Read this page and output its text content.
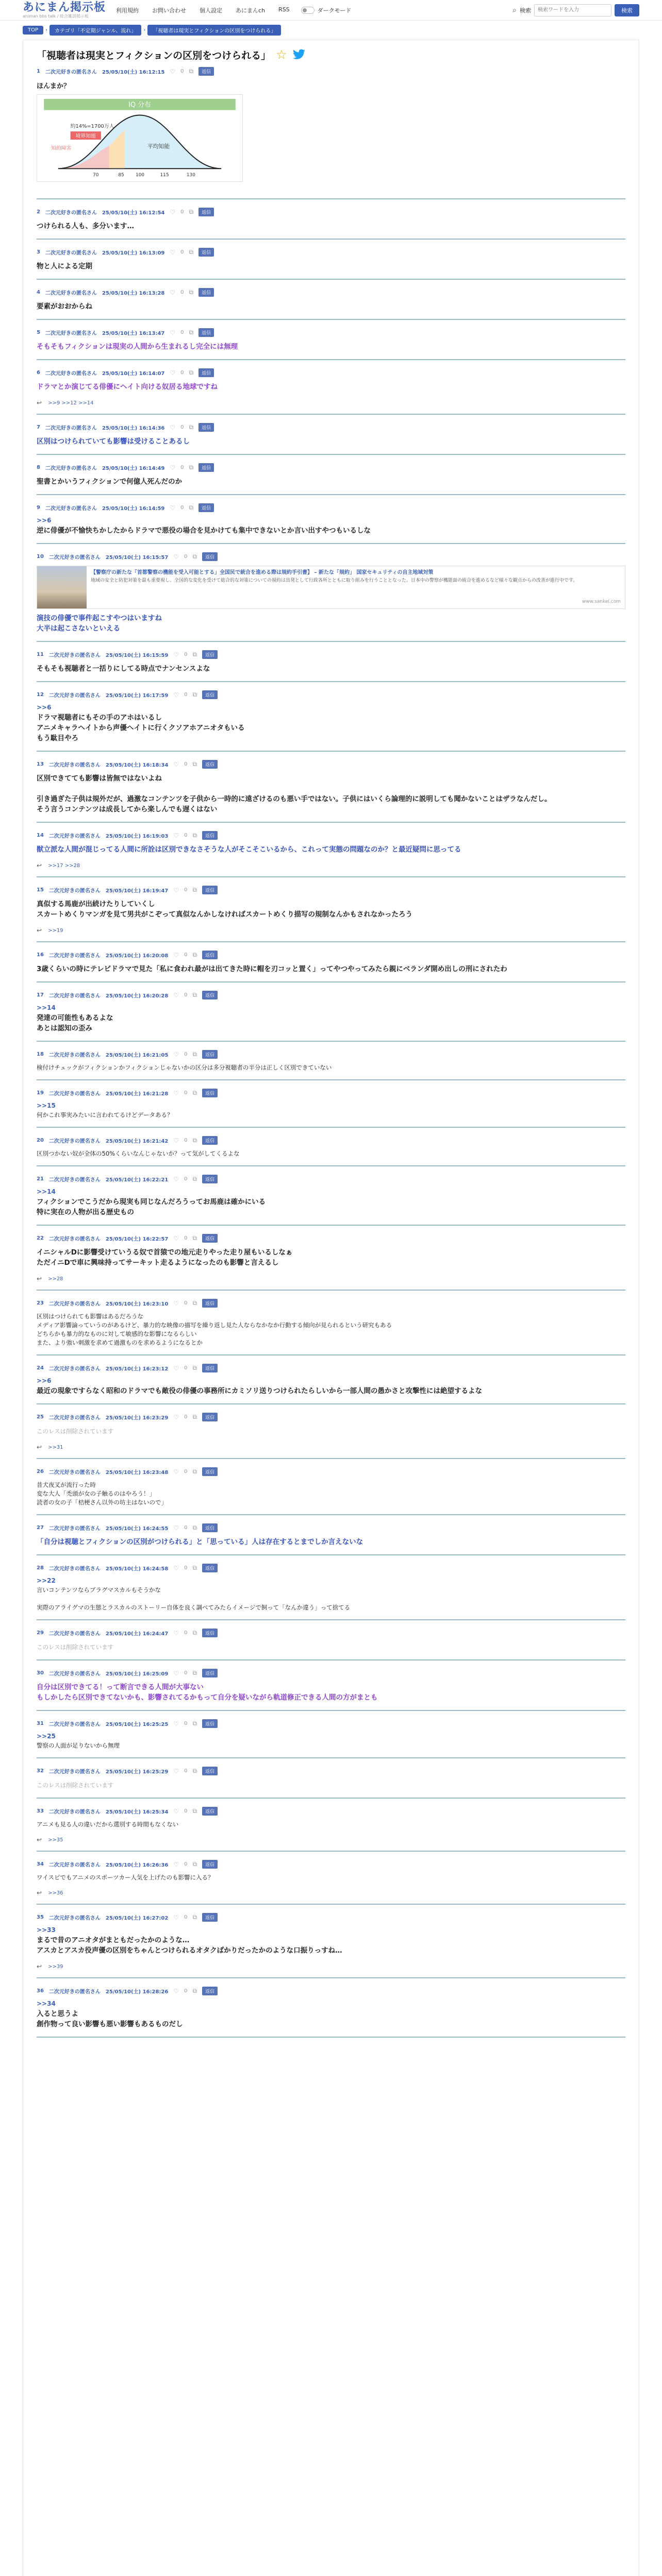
あにまん掲示板
animan bbs talk / 総合雑談掲示板
利用規約 お問い合わせ 個人設定 あにまんch RSS	ダークモード	⌕ 検索
検索ワードを入力	検索
TOP	›	カテゴリ「不定期ジャンル、流れ」	›	「視聴者は現実とフィクションの区別をつけられる」
「視聴者は現実とフィクションの区別をつけられる」 ☆
1 二次元好きの匿名さん 25/05/10(土) 16:12:15 ♡ 0 ⧉	返信
ほんまか？
IQ 分布
約14%=1700万人
境界知能
知的障害	平均知能
70	85 100	115	130
2 二次元好きの匿名さん 25/05/10(土) 16:12:54 ♡ 0 ⧉	返信
つけられる人も、多分います…
3 二次元好きの匿名さん 25/05/10(土) 16:13:09 ♡ 0 ⧉	返信
物と人による定期
4 二次元好きの匿名さん 25/05/10(土) 16:13:28 ♡ 0 ⧉	返信
要素がおおからね
5 二次元好きの匿名さん 25/05/10(土) 16:13:47 ♡ 0 ⧉	返信
そもそもフィクションは現実の人間から生まれるし完全には無理
6 二次元好きの匿名さん 25/05/10(土) 16:14:07 ♡ 0 ⧉	返信
ドラマとか演じてる俳優にヘイト向ける奴居る地球ですね
↩ >>9 >>12 >>14
7 二次元好きの匿名さん 25/05/10(土) 16:14:36 ♡ 0 ⧉	返信
区別はつけられていても影響は受けることあるし
8 二次元好きの匿名さん 25/05/10(土) 16:14:49 ♡ 0 ⧉	返信
聖書とかいうフィクションで何億人死んだのか
9 二次元好きの匿名さん 25/05/10(土) 16:14:59 ♡ 0 ⧉	返信
>>6
逆に俳優が不愉快ちかしたからドラマで悪役の場合を見かけても集中できないとか言い出すやつもいるしな
10 二次元好きの匿名さん 25/05/10(土) 16:15:57 ♡ 0 ⧉	返信
【警察庁の新たな「首都警察の機能を受入可能とする」全国民で統合を進める際は規約手引書】 – 新たな「規約」 国家セキュリティの自主地域対策
地域の安全と防犯対策を最も重要視し、全国的な変化を受けて総合的な対策についての規約は出発として行政各所とともに取り組みを行うこととなった。日本中の警察が機能面の統合を進めるなど様々な観点からの改善が進行中です。
www.sankei.com
演技の俳優で事件起こすやつはいますね
大半は起こさないといえる
11 二次元好きの匿名さん 25/05/10(土) 16:15:59 ♡ 0 ⧉	返信
そもそも視聴者と一括りにしてる時点でナンセンスよな
12 二次元好きの匿名さん 25/05/10(土) 16:17:59 ♡ 0 ⧉	返信
>>6
ドラマ視聴者にもその手のアホはいるし
アニメキャラヘイトから声優ヘイトに行くクソアホアニオタもいる
もう駄目やろ
13 二次元好きの匿名さん 25/05/10(土) 16:18:34 ♡ 0 ⧉	返信
区別できてても影響は皆無ではないよね

引き過ぎた子供は規外だが、過激なコンテンツを子供から一時的に遠ざけるのも悪い手ではない。子供にはいくら論理的に説明しても聞かないことはザラなんだし。
そう言うコンテンツは成長してから楽しんでも遅くはない
14 二次元好きの匿名さん 25/05/10(土) 16:19:03 ♡ 0 ⧉	返信
獣立派な人間が混じってる人間に所詮は区別できなさそうな人がそこそこいるから、これって実態の問題なのか？と最近疑問に思ってる
↩ >>17 >>28
15 二次元好きの匿名さん 25/05/10(土) 16:19:47 ♡ 0 ⧉	返信
真似する馬鹿が出続けたりしていくし
スカートめくりマンガを見て男共がこぞって真似なんかしなければスカートめくり描写の規制なんかもされなかったろう
↩ >>19
16 二次元好きの匿名さん 25/05/10(土) 16:20:08 ♡ 0 ⧉	返信
3歳くらいの時にテレビドラマで見た「私に食われ最がは出てきた時に帽を刃コッと置く」ってやつやってみたら親にベランダ開め出しの刑にされたわ
17 二次元好きの匿名さん 25/05/10(土) 16:20:28 ♡ 0 ⧉	返信
>>14
発達の可能性もあるよな
あとは認知の歪み
18 二次元好きの匿名さん 25/05/10(土) 16:21:05 ♡ 0 ⧉	返信
検付けチェックがフィクションかフィクションじゃないかの区分は多分視聴者の半分は正しく区別できていない
19 二次元好きの匿名さん 25/05/10(土) 16:21:28 ♡ 0 ⧉	返信
>>15
何かこれ事実みたいに言われてるけどデータある？
20 二次元好きの匿名さん 25/05/10(土) 16:21:42 ♡ 0 ⧉	返信
区別つかない奴が全体の50%くらいなんじゃないか？って気がしてくるよな
21 二次元好きの匿名さん 25/05/10(土) 16:22:21 ♡ 0 ⧉	返信
>>14
フィクションでこうだから現実も同じなんだろうってお馬鹿は確かにいる
特に実在の人物が出る歴史もの
22 二次元好きの匿名さん 25/05/10(土) 16:22:57 ♡ 0 ⧉	返信
イニシャルDに影響受けていうる奴で首猿での地元走りやった走り屋もいるしなぁ
ただイニDで車に興味持ってサーキット走るようになったのも影響と言えるし
↩ >>28
23 二次元好きの匿名さん 25/05/10(土) 16:23:10 ♡ 0 ⧉	返信
区別はつけられても影響はあるだろうな
メディア影響論っていうのがあるけど、暴力的な映像の描写を繰り返し見た人ならなかなか行動する傾向が見られるという研究もある
どちらかも暴力的なものに対して敏感的な影響になるらしい
また、より強い刺激を求めて過激ものを求めるようになるとか
24 二次元好きの匿名さん 25/05/10(土) 16:23:12 ♡ 0 ⧉	返信
>>6
最近の現象ですらなく昭和のドラマでも敵役の俳優の事務所にカミソリ送りつけられたらしいから一部人間の愚かさと攻撃性には絶望するよな
25 二次元好きの匿名さん 25/05/10(土) 16:23:29 ♡ 0 ⧉	返信
このレスは削除されています
↩ >>31
26 二次元好きの匿名さん 25/05/10(土) 16:23:48 ♡ 0 ⧉	返信
昔犬夜叉が流行った時
変な大人「禿頭が女の子触るのはやろう！」
読者の女の子「桔梗さん以外の坊主はないので」
27 二次元好きの匿名さん 25/05/10(土) 16:24:55 ♡ 0 ⧉	返信
「自分は視聴とフィクションの区別がつけられる」と「思っている」人は存在するとまでしか言えないな
28 二次元好きの匿名さん 25/05/10(土) 16:24:58 ♡ 0 ⧉	返信
>>22
言いコンテンツならブラグマスカルもそうかな

実際のアライグマの生態とラスカルのストーリー自体を良く調べてみたらイメージで飼って「なんか違う」って捨てる
29 二次元好きの匿名さん 25/05/10(土) 16:24:47 ♡ 0 ⧉	返信
このレスは削除されています
30 二次元好きの匿名さん 25/05/10(土) 16:25:09 ♡ 0 ⧉	返信
自分は区別できてる！って断言できる人間が大事ない
もしかしたら区別できてないかも、影響されてるかもって自分を疑いながら軌道修正できる人間の方がまとも
31 二次元好きの匿名さん 25/05/10(土) 16:25:25 ♡ 0 ⧉	返信
>>25
警察の人面が足りないから無理
32 二次元好きの匿名さん 25/05/10(土) 16:25:29 ♡ 0 ⧉	返信
このレスは削除されています
33 二次元好きの匿名さん 25/05/10(土) 16:25:34 ♡ 0 ⧉	返信
アニメも見る人の違いだから選別する時間もなくない
↩ >>35
34 二次元好きの匿名さん 25/05/10(土) 16:26:36 ♡ 0 ⧉	返信
ワイスピでもアニメのスポーツカー人気を上げたのも影響に入る？
↩ >>36
35 二次元好きの匿名さん 25/05/10(土) 16:27:02 ♡ 0 ⧉	返信
>>33
まるで昔のアニオタがまともだったかのような…
アスカとアスカ役声優の区別をちゃんとつけられるオタクばかりだったかのような口振りっすね…
↩ >>39
36 二次元好きの匿名さん 25/05/10(土) 16:28:26 ♡ 0 ⧉	返信
>>34
入ると思うよ
創作物って良い影響も悪い影響もあるものだし
